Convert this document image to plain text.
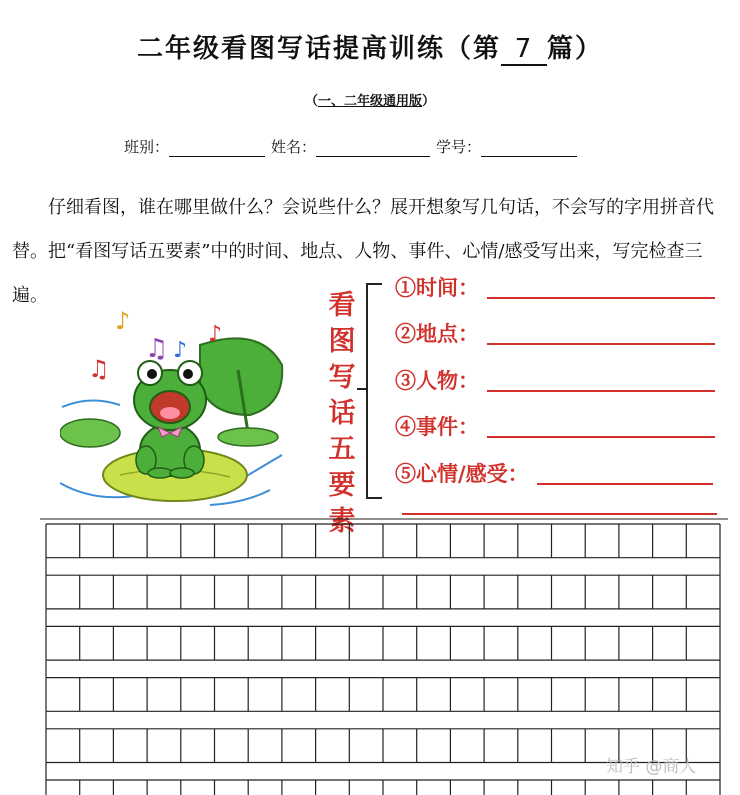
二年级看图写话提高训练（第 7 篇）
（一、二年级通用版）
班别：	姓名：	学号：
仔细看图，谁在哪里做什么？会说些什么？展开想象写几句话，不会写的字用拼音代替。把“看图写话五要素”中的时间、地点、人物、事件、心情/感受写出来，写完检查三遍。	看图写话五要素
①时间：
②地点：
③人物：
④事件：
⑤心情/感受：
♪
♫ ♪
♪
♫
知乎 @商人
